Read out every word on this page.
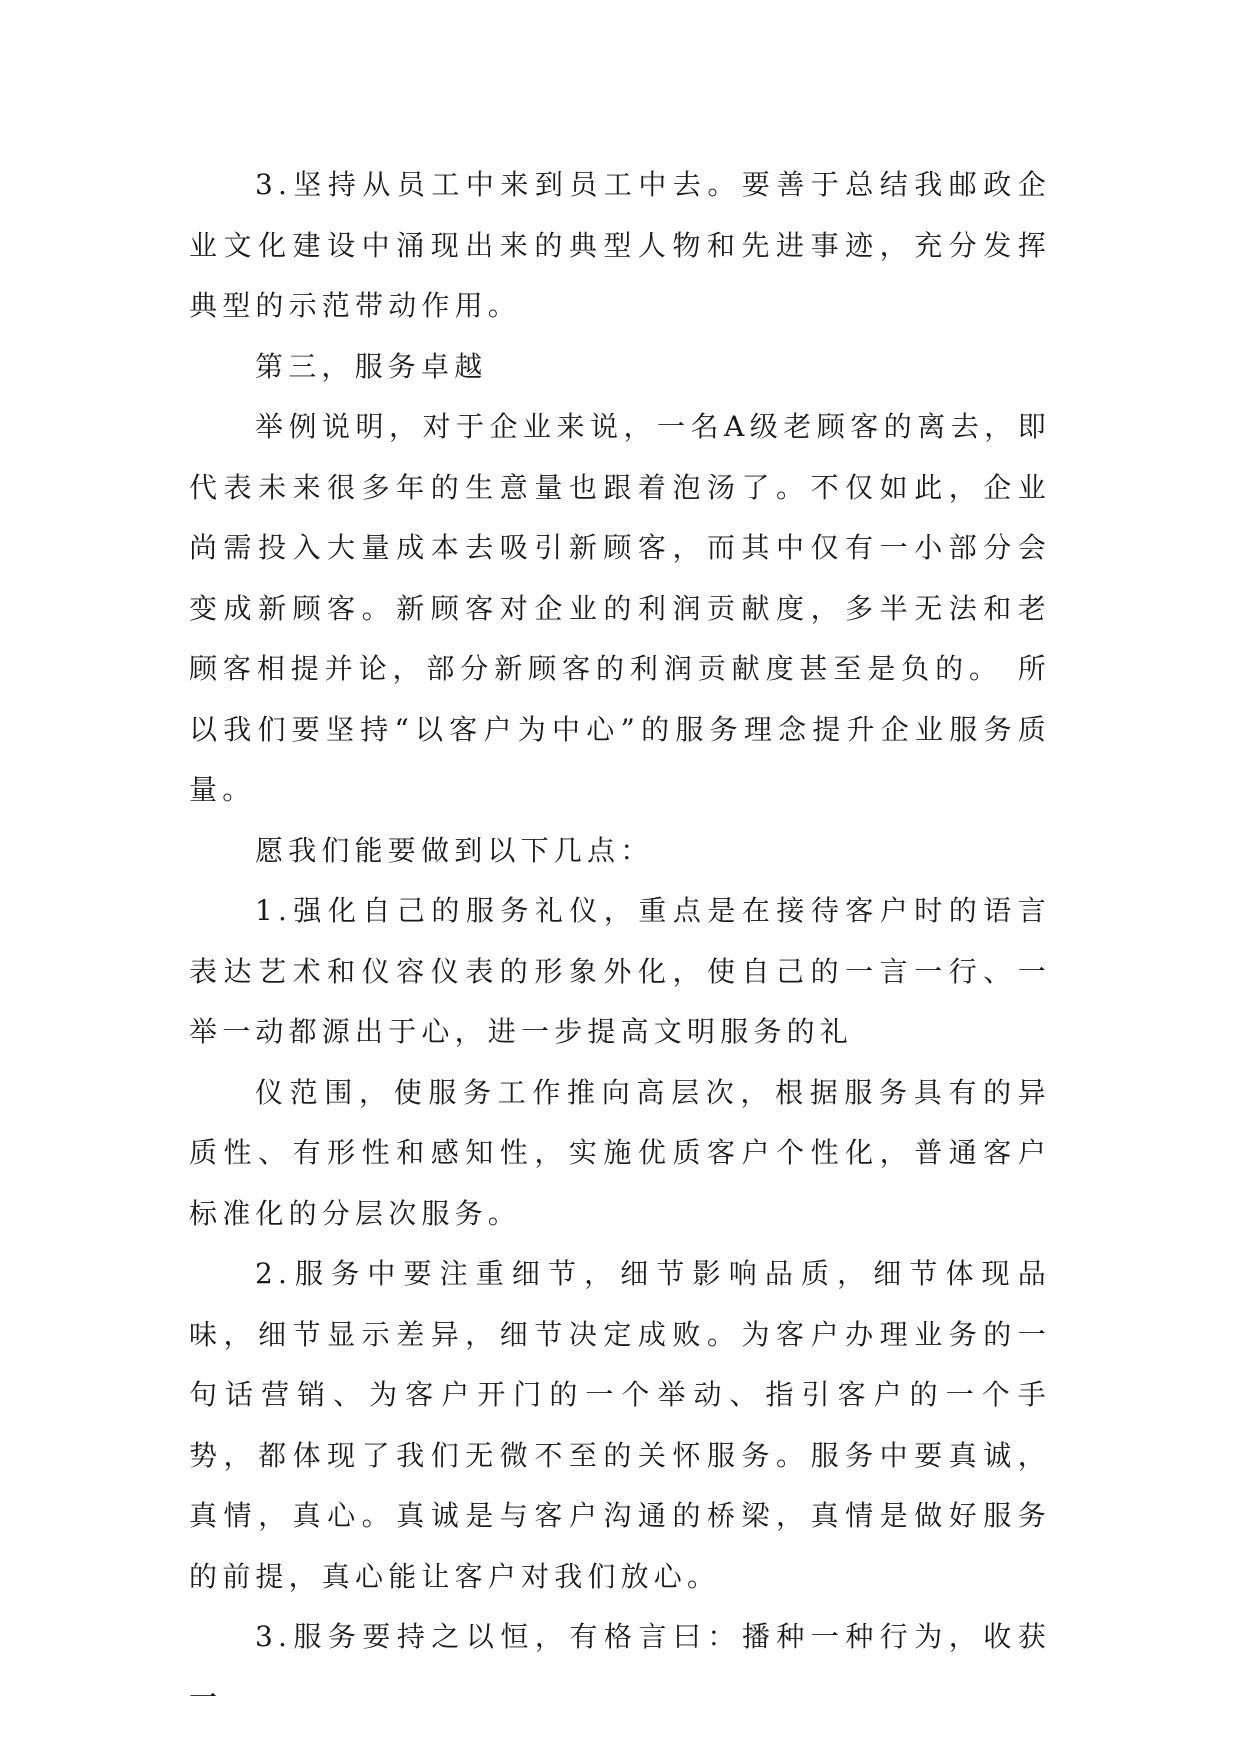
3.坚持从员工中来到员工中去。要善于总结我邮政企业文化建设中涌现出来的典型人物和先进事迹，充分发挥典型的示范带动作用。

第三，服务卓越

举例说明，对于企业来说，一名A级老顾客的离去，即代表未来很多年的生意量也跟着泡汤了。不仅如此，企业尚需投入大量成本去吸引新顾客，而其中仅有一小部分会变成新顾客。新顾客对企业的利润贡献度，多半无法和老顾客相提并论，部分新顾客的利润贡献度甚至是负的。 所以我们要坚持“以客户为中心”的服务理念提升企业服务质量。

愿我们能要做到以下几点：

1.强化自己的服务礼仪，重点是在接待客户时的语言表达艺术和仪容仪表的形象外化，使自己的一言一行、一举一动都源出于心，进一步提高文明服务的礼

仪范围，使服务工作推向高层次，根据服务具有的异质性、有形性和感知性，实施优质客户个性化，普通客户标准化的分层次服务。

2.服务中要注重细节，细节影响品质，细节体现品味，细节显示差异，细节决定成败。为客户办理业务的一句话营销、为客户开门的一个举动、指引客户的一个手势，都体现了我们无微不至的关怀服务。服务中要真诚，真情，真心。真诚是与客户沟通的桥梁，真情是做好服务的前提，真心能让客户对我们放心。

3.服务要持之以恒，有格言曰：播种一种行为，收获一
